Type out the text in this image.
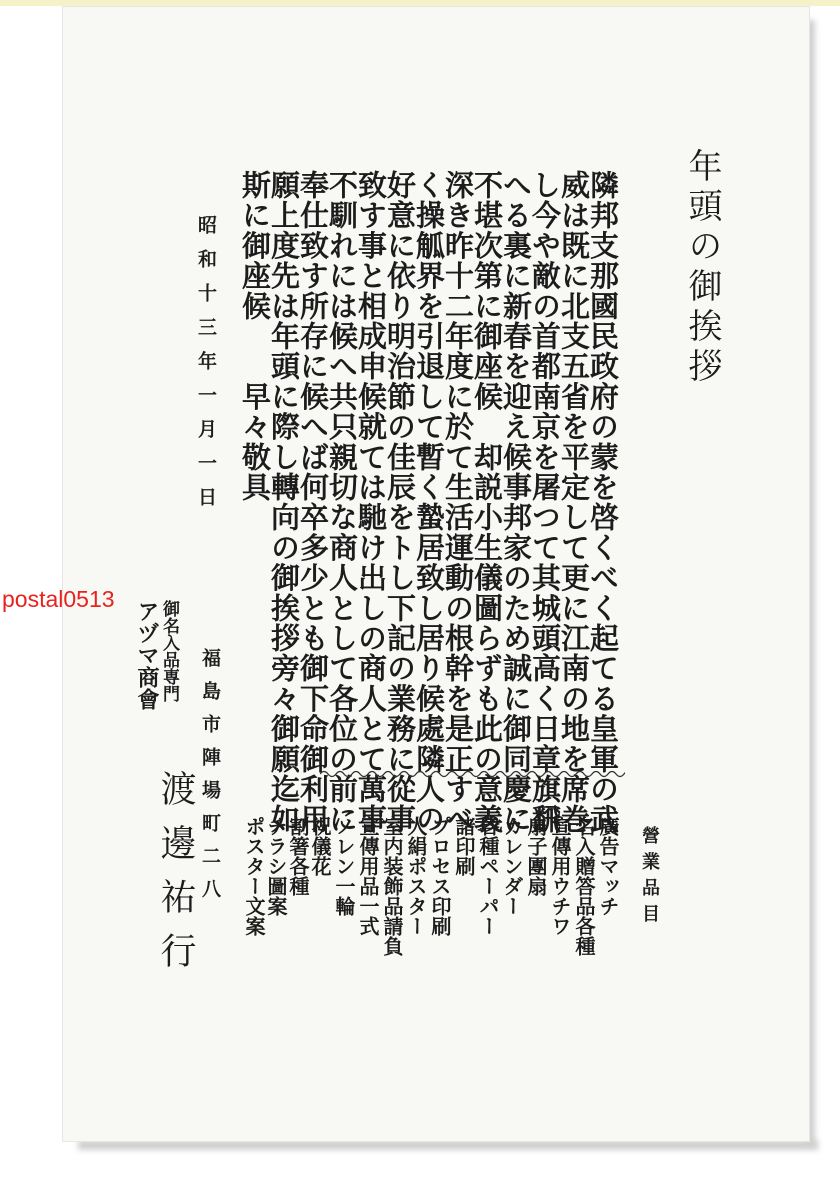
年頭の御挨拶
隣邦支那國民政府の蒙を啓くべく起てる皇軍の武
威は既に北支五省を平定して更に江南の地を席巻
し今や敵の首都南京を屠つて其城頭高く日章旗飜
へる裏に新春を迎え候事邦家のため誠に御同慶に
不堪次第に御座候　却説小生儀圖らずも此の意義
深き昨十二年度に於て生活運動の根幹を是正すべ
く操觚界を引退して暫く蟄居致し居り候處隣人の
好意に依り明治節の佳辰をトし下記の業務に從事
致す事と相成申候就ては馳け出しの商人とて萬事
不馴れには候へ共只親切な商人として各位の前に
奉仕致す所存に候へば何卒多少とも御下命御利用
願上度先は年頭に際し轉向の御挨拶旁々御願迄如
斯に御座候　　早々敬具
昭和十三年一月一日
福島市陣場町二八
御名入品専門
アヅマ商會
渡邊祐行	營業品目
廣告マッチ
名入贈答品各種
宣傳用ウチワ
扇子團扇
カレンダー
各種ペーパー
諸印刷
プロセス印刷
人絹ポスター
室内装飾品請負
宣傳用品一式
ノレン一輪
祝儀花
割箸各種
チラシ圖案
ポスター文案
postal0513
